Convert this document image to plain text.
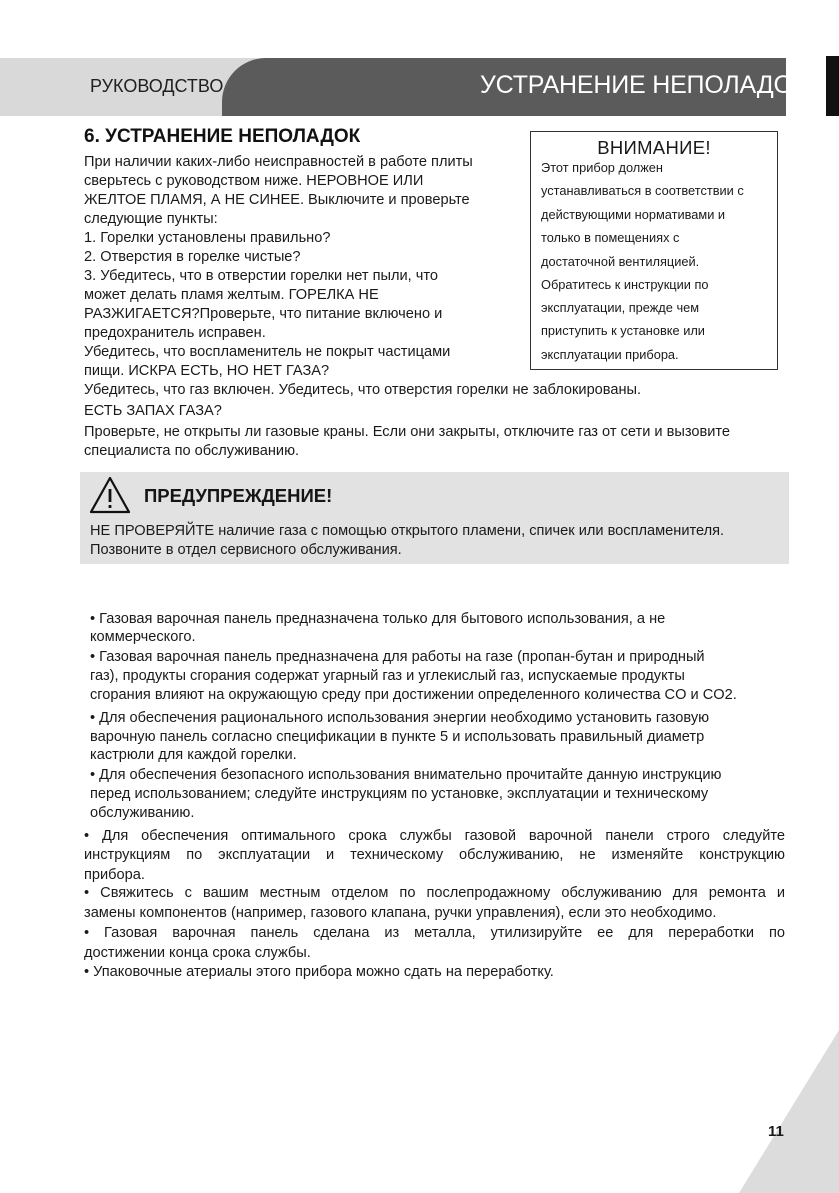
РУКОВОДСТВО	УСТРАНЕНИЕ НЕПОЛАДОК
6. УСТРАНЕНИЕ НЕПОЛАДОК
При наличии каких-либо неисправностей в работе плиты
сверьтесь с руководством ниже. НЕРОВНОЕ ИЛИ
ЖЕЛТОЕ ПЛАМЯ, А НЕ СИНЕЕ. Выключите и проверьте
следующие пункты:
1. Горелки установлены правильно?
2. Отверстия в горелке чистые?
3. Убедитесь, что в отверстии горелки нет пыли, что
может делать пламя желтым. ГОРЕЛКА НЕ
РАЗЖИГАЕТСЯ?Проверьте, что питание включено и
предохранитель исправен.
Убедитесь, что воспламенитель не покрыт частицами
пищи. ИСКРА ЕСТЬ, НО НЕТ ГАЗА?
Убедитесь, что газ включен. Убедитесь, что отверстия горелки не заблокированы.
ЕСТЬ ЗАПАХ ГАЗА?
Проверьте, не открыты ли газовые краны. Если они закрыты, отключите газ от сети и вызовите
специалиста по обслуживанию.
ВНИМАНИЕ!
Этот прибор должен
устанавливаться в соответствии с
действующими нормативами и
только в помещениях с
достаточной вентиляцией.
Обратитесь к инструкции по
эксплуатации, прежде чем
приступить к установке или
эксплуатации прибора.
ПРЕДУПРЕЖДЕНИЕ!
НЕ ПРОВЕРЯЙТЕ наличие газа с помощью открытого пламени, спичек или воспламенителя.
Позвоните в отдел сервисного обслуживания.
• Газовая варочная панель предназначена только для бытового использования, а не
коммерческого.
• Газовая варочная панель предназначена для работы на газе (пропан-бутан и природный
газ), продукты сгорания содержат угарный газ и углекислый газ, испускаемые продукты
сгорания влияют на окружающую среду при достижении определенного количества CO и CO2.
• Для обеспечения рационального использования энергии необходимо установить газовую
варочную панель согласно спецификации в пункте 5 и использовать правильный диаметр
кастрюли для каждой горелки.
• Для обеспечения безопасного использования внимательно прочитайте данную инструкцию
перед использованием; следуйте инструкциям по установке, эксплуатации и техническому
обслуживанию.
• Для обеспечения оптимального срока службы газовой варочной панели строго следуйте
инструкциям по эксплуатации и техническому обслуживанию, не изменяйте конструкцию
прибора.
• Свяжитесь с вашим местным отделом по послепродажному обслуживанию для ремонта и
замены компонентов (например, газового клапана, ручки управления), если это необходимо.
• Газовая варочная панель сделана из металла, утилизируйте ее для переработки по
достижении конца срока службы.
• Упаковочные атериалы этого прибора можно сдать на переработку.
11
